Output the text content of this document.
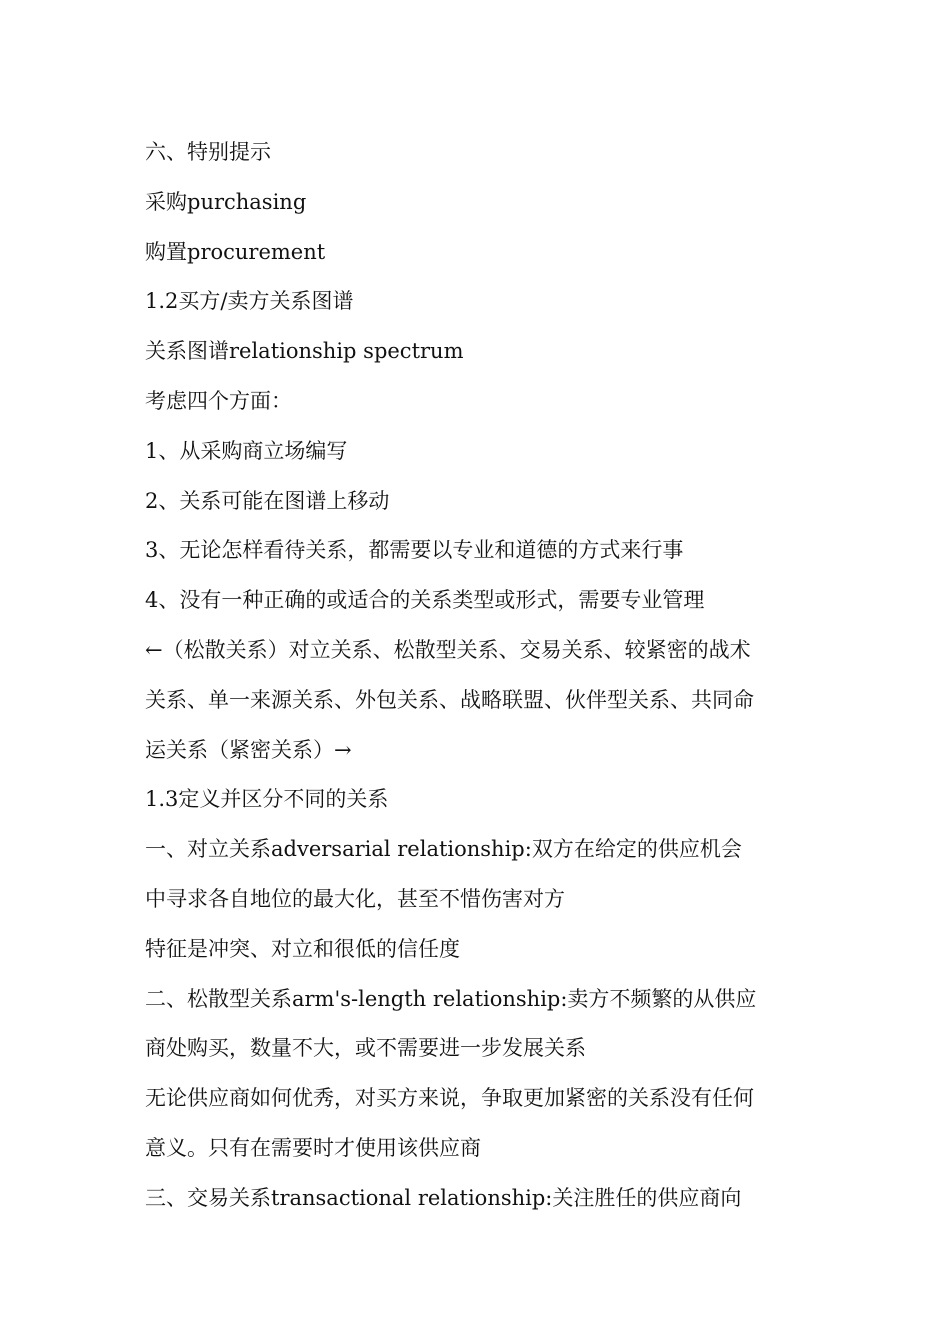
六、特别提示

采购purchasing

购置procurement

1.2买方/卖方关系图谱

关系图谱relationship spectrum

考虑四个方面：

1、从采购商立场编写

2、关系可能在图谱上移动

3、无论怎样看待关系，都需要以专业和道德的方式来行事

4、没有一种正确的或适合的关系类型或形式，需要专业管理

←（松散关系）对立关系、松散型关系、交易关系、较紧密的战术

关系、单一来源关系、外包关系、战略联盟、伙伴型关系、共同命

运关系（紧密关系）→

1.3定义并区分不同的关系

一、对立关系adversarial relationship:双方在给定的供应机会

中寻求各自地位的最大化，甚至不惜伤害对方

特征是冲突、对立和很低的信任度

二、松散型关系arm's-length relationship:卖方不频繁的从供应

商处购买，数量不大，或不需要进一步发展关系

无论供应商如何优秀，对买方来说，争取更加紧密的关系没有任何

意义。只有在需要时才使用该供应商

三、交易关系transactional relationship:关注胜任的供应商向
